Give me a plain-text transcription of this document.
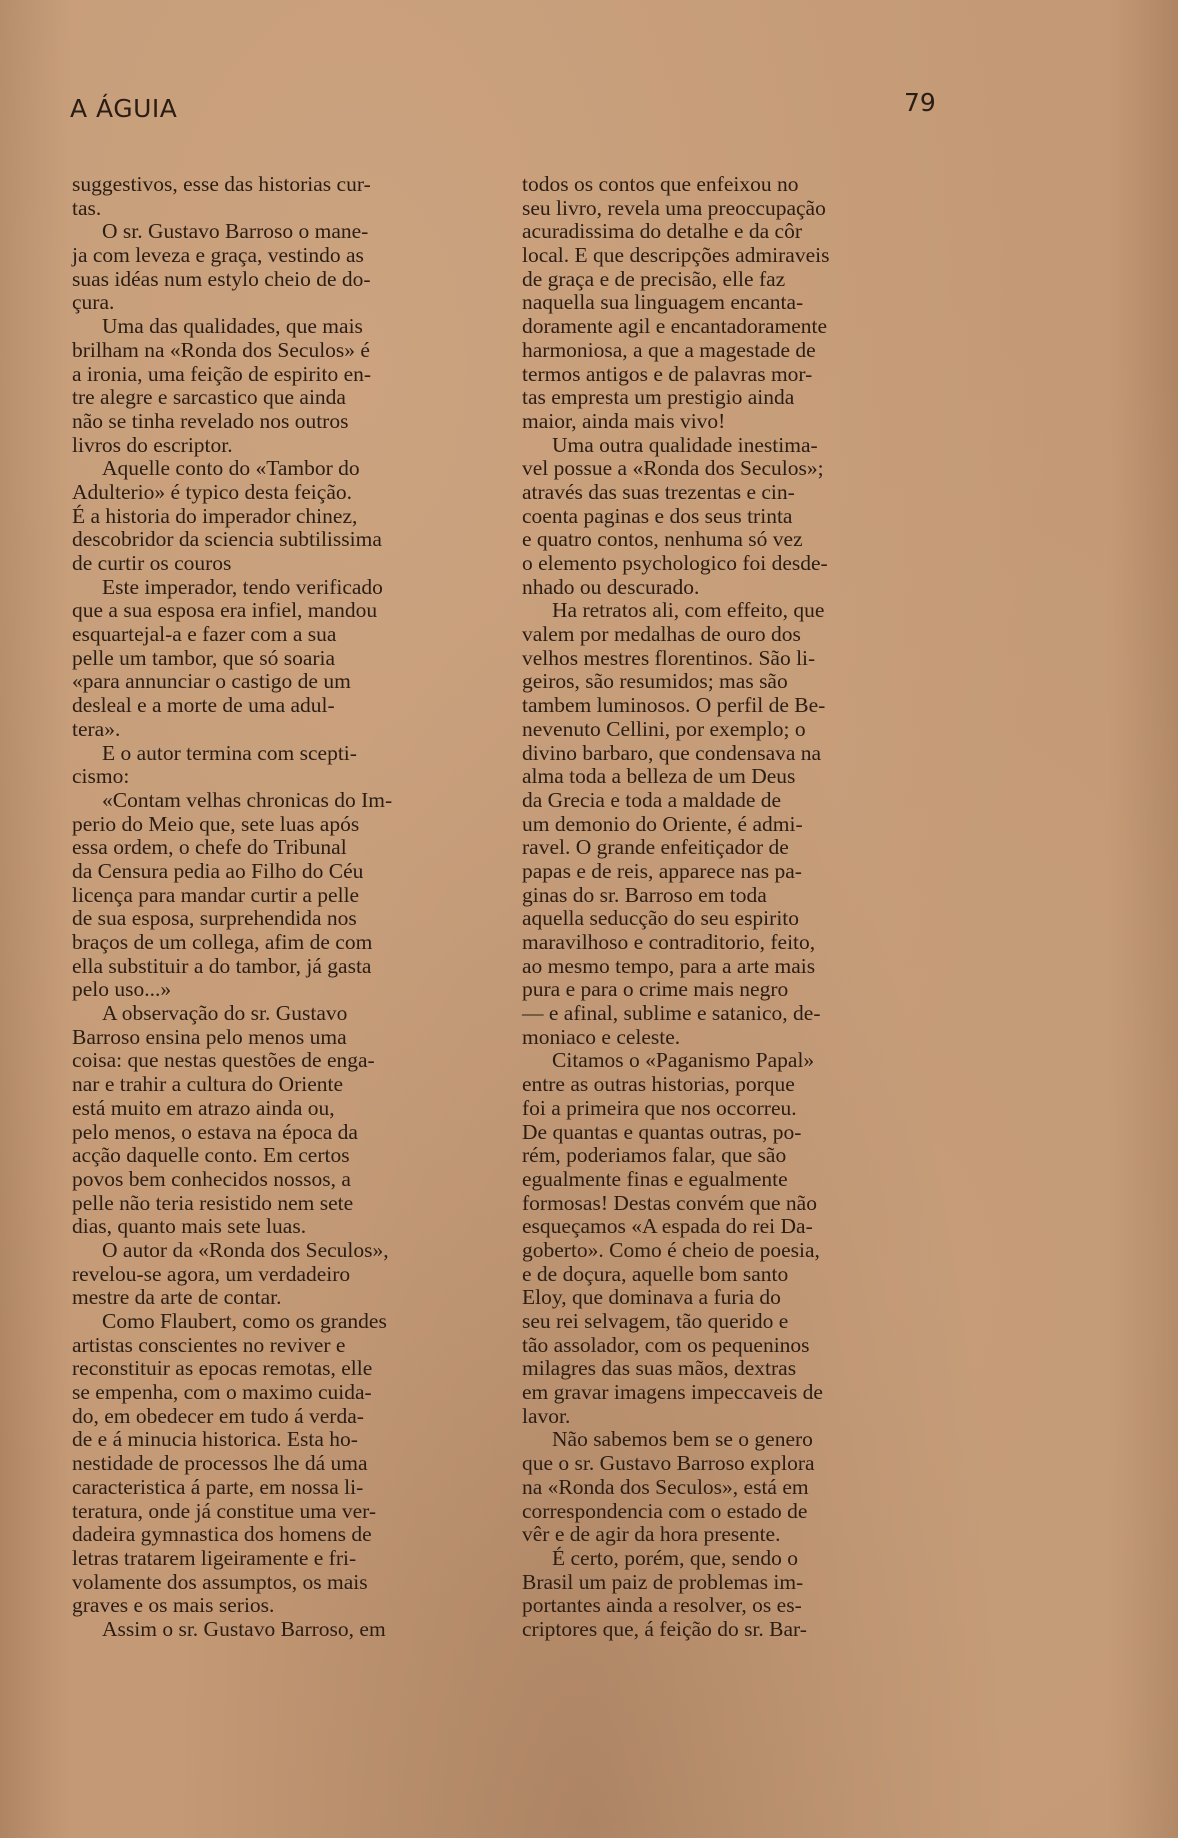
A ÁGUIA	79
suggestivos, esse das historias cur-
tas.
O sr. Gustavo Barroso o mane-
ja com leveza e graça, vestindo as
suas idéas num estylo cheio de do-
çura.
Uma das qualidades, que mais
brilham na «Ronda dos Seculos» é
a ironia, uma feição de espirito en-
tre alegre e sarcastico que ainda
não se tinha revelado nos outros
livros do escriptor.
Aquelle conto do «Tambor do
Adulterio» é typico desta feição.
É a historia do imperador chinez,
descobridor da sciencia subtilissima
de curtir os couros
Este imperador, tendo verificado
que a sua esposa era infiel, mandou
esquartejal-a e fazer com a sua
pelle um tambor, que só soaria
«para annunciar o castigo de um
desleal e a morte de uma adul-
tera».
E o autor termina com scepti-
cismo:
«Contam velhas chronicas do Im-
perio do Meio que, sete luas após
essa ordem, o chefe do Tribunal
da Censura pedia ao Filho do Céu
licença para mandar curtir a pelle
de sua esposa, surprehendida nos
braços de um collega, afim de com
ella substituir a do tambor, já gasta
pelo uso...»
A observação do sr. Gustavo
Barroso ensina pelo menos uma
coisa: que nestas questões de enga-
nar e trahir a cultura do Oriente
está muito em atrazo ainda ou,
pelo menos, o estava na época da
acção daquelle conto. Em certos
povos bem conhecidos nossos, a
pelle não teria resistido nem sete
dias, quanto mais sete luas.
O autor da «Ronda dos Seculos»,
revelou-se agora, um verdadeiro
mestre da arte de contar.
Como Flaubert, como os grandes
artistas conscientes no reviver e
reconstituir as epocas remotas, elle
se empenha, com o maximo cuida-
do, em obedecer em tudo á verda-
de e á minucia historica. Esta ho-
nestidade de processos lhe dá uma
caracteristica á parte, em nossa li-
teratura, onde já constitue uma ver-
dadeira gymnastica dos homens de
letras tratarem ligeiramente e fri-
volamente dos assumptos, os mais
graves e os mais serios.
Assim o sr. Gustavo Barroso, em
todos os contos que enfeixou no
seu livro, revela uma preoccupação
acuradissima do detalhe e da côr
local. E que descripções admiraveis
de graça e de precisão, elle faz
naquella sua linguagem encanta-
doramente agil e encantadoramente
harmoniosa, a que a magestade de
termos antigos e de palavras mor-
tas empresta um prestigio ainda
maior, ainda mais vivo!
Uma outra qualidade inestima-
vel possue a «Ronda dos Seculos»;
através das suas trezentas e cin-
coenta paginas e dos seus trinta
e quatro contos, nenhuma só vez
o elemento psychologico foi desde-
nhado ou descurado.
Ha retratos ali, com effeito, que
valem por medalhas de ouro dos
velhos mestres florentinos. São li-
geiros, são resumidos; mas são
tambem luminosos. O perfil de Be-
nevenuto Cellini, por exemplo; o
divino barbaro, que condensava na
alma toda a belleza de um Deus
da Grecia e toda a maldade de
um demonio do Oriente, é admi-
ravel. O grande enfeitiçador de
papas e de reis, apparece nas pa-
ginas do sr. Barroso em toda
aquella seducção do seu espirito
maravilhoso e contraditorio, feito,
ao mesmo tempo, para a arte mais
pura e para o crime mais negro
— e afinal, sublime e satanico, de-
moniaco e celeste.
Citamos o «Paganismo Papal»
entre as outras historias, porque
foi a primeira que nos occorreu.
De quantas e quantas outras, po-
rém, poderiamos falar, que são
egualmente finas e egualmente
formosas! Destas convém que não
esqueçamos «A espada do rei Da-
goberto». Como é cheio de poesia,
e de doçura, aquelle bom santo
Eloy, que dominava a furia do
seu rei selvagem, tão querido e
tão assolador, com os pequeninos
milagres das suas mãos, dextras
em gravar imagens impeccaveis de
lavor.
Não sabemos bem se o genero
que o sr. Gustavo Barroso explora
na «Ronda dos Seculos», está em
correspondencia com o estado de
vêr e de agir da hora presente.
É certo, porém, que, sendo o
Brasil um paiz de problemas im-
portantes ainda a resolver, os es-
criptores que, á feição do sr. Bar-
